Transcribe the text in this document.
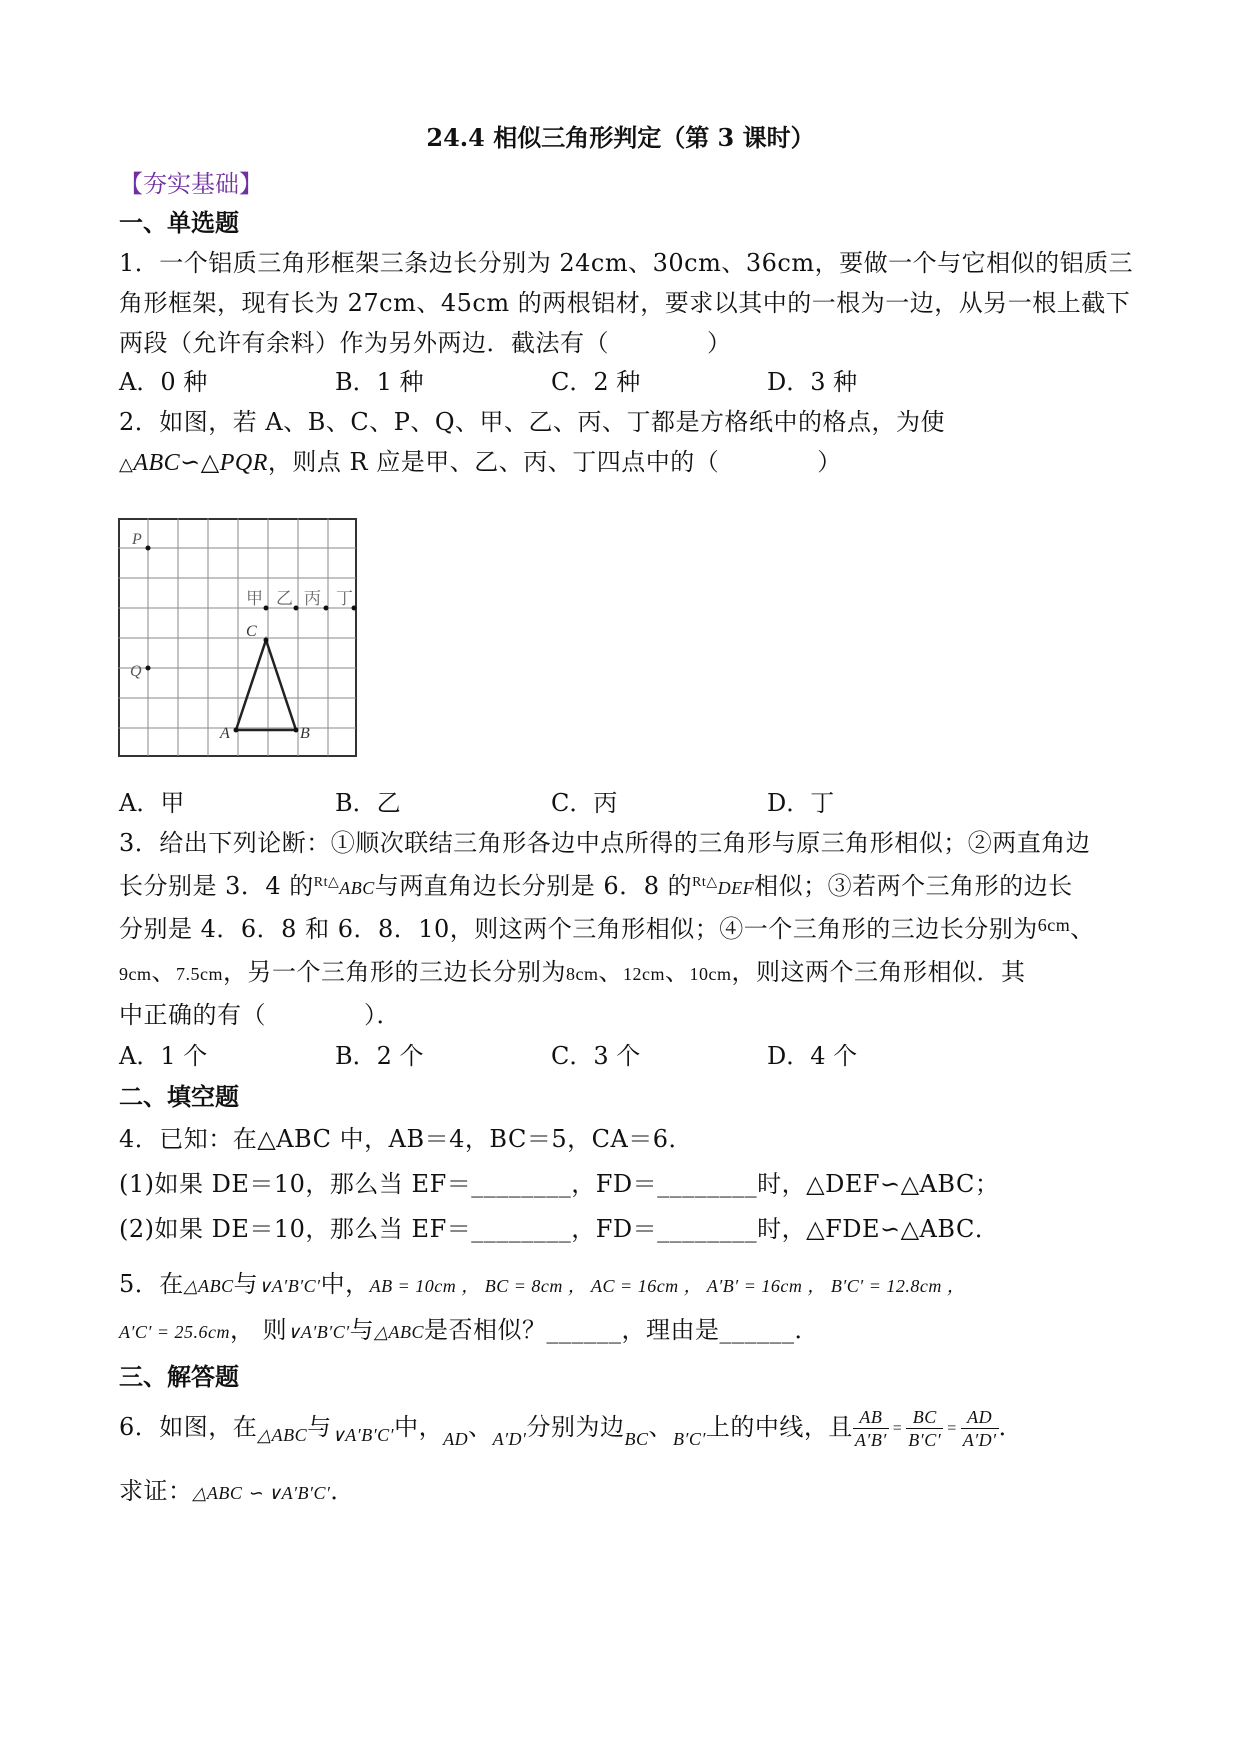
24.4 相似三角形判定（第 3 课时）
【夯实基础】
一、单选题
1．一个铝质三角形框架三条边长分别为 24cm、30cm、36cm，要做一个与它相似的铝质三
角形框架，现有长为 27cm、45cm 的两根铝材，要求以其中的一根为一边，从另一根上截下
两段（允许有余料）作为另外两边．截法有（　　　　）
A．0 种	B．1 种	C．2 种	D．3 种
2．如图，若 A、B、C、P、Q、甲、乙、丙、丁都是方格纸中的格点，为使
△ABC∽△PQR，则点 R 应是甲、乙、丙、丁四点中的（　　　　）
P
Q
C
A	B
甲 乙 丙 丁
A．甲	B．乙	C．丙	D．丁
3．给出下列论断：①顺次联结三角形各边中点所得的三角形与原三角形相似；②两直角边
长分别是 3．4 的$^{Rt\triangle}$ABC与两直角边长分别是 6．8 的$^{Rt\triangle}$DEF相似；③若两个三角形的边长
分别是 4．6．8 和 6．8．10，则这两个三角形相似；④一个三角形的三边长分别为$^{6cm}$、
9cm、7.5cm，另一个三角形的三边长分别为8cm、12cm、10cm，则这两个三角形相似．其
中正确的有（　　　　）．
A．1 个	B．2 个	C．3 个	D．4 个
二、填空题
4．已知：在△ABC 中，AB＝4，BC＝5，CA＝6．
(1)如果 DE＝10，那么当 EF＝________，FD＝________时，△DEF∽△ABC；
(2)如果 DE＝10，那么当 EF＝________，FD＝________时，△FDE∽△ABC．
5．在△ABC与∨A′B′C′中，AB = 10cm ， BC = 8cm ， AC = 16cm ， A′B′ = 16cm ， B′C′ = 12.8cm ，
A′C′ = 25.6cm， 则∨A′B′C′与△ABC是否相似？______，理由是______．
三、解答题
6．如图，在$_{\triangle ABC}$与$_{\vee A'B'C'}$中，$_{AD}$、$_{A'D'}$分别为边$_{BC}$、$_{B'C'}$上的中线，且 $\frac{AB}{A'B'} = \frac{BC}{B'C'} = \frac{AD}{A'D'}$ ．
求证：△ABC ∽ ∨A′B′C′．
